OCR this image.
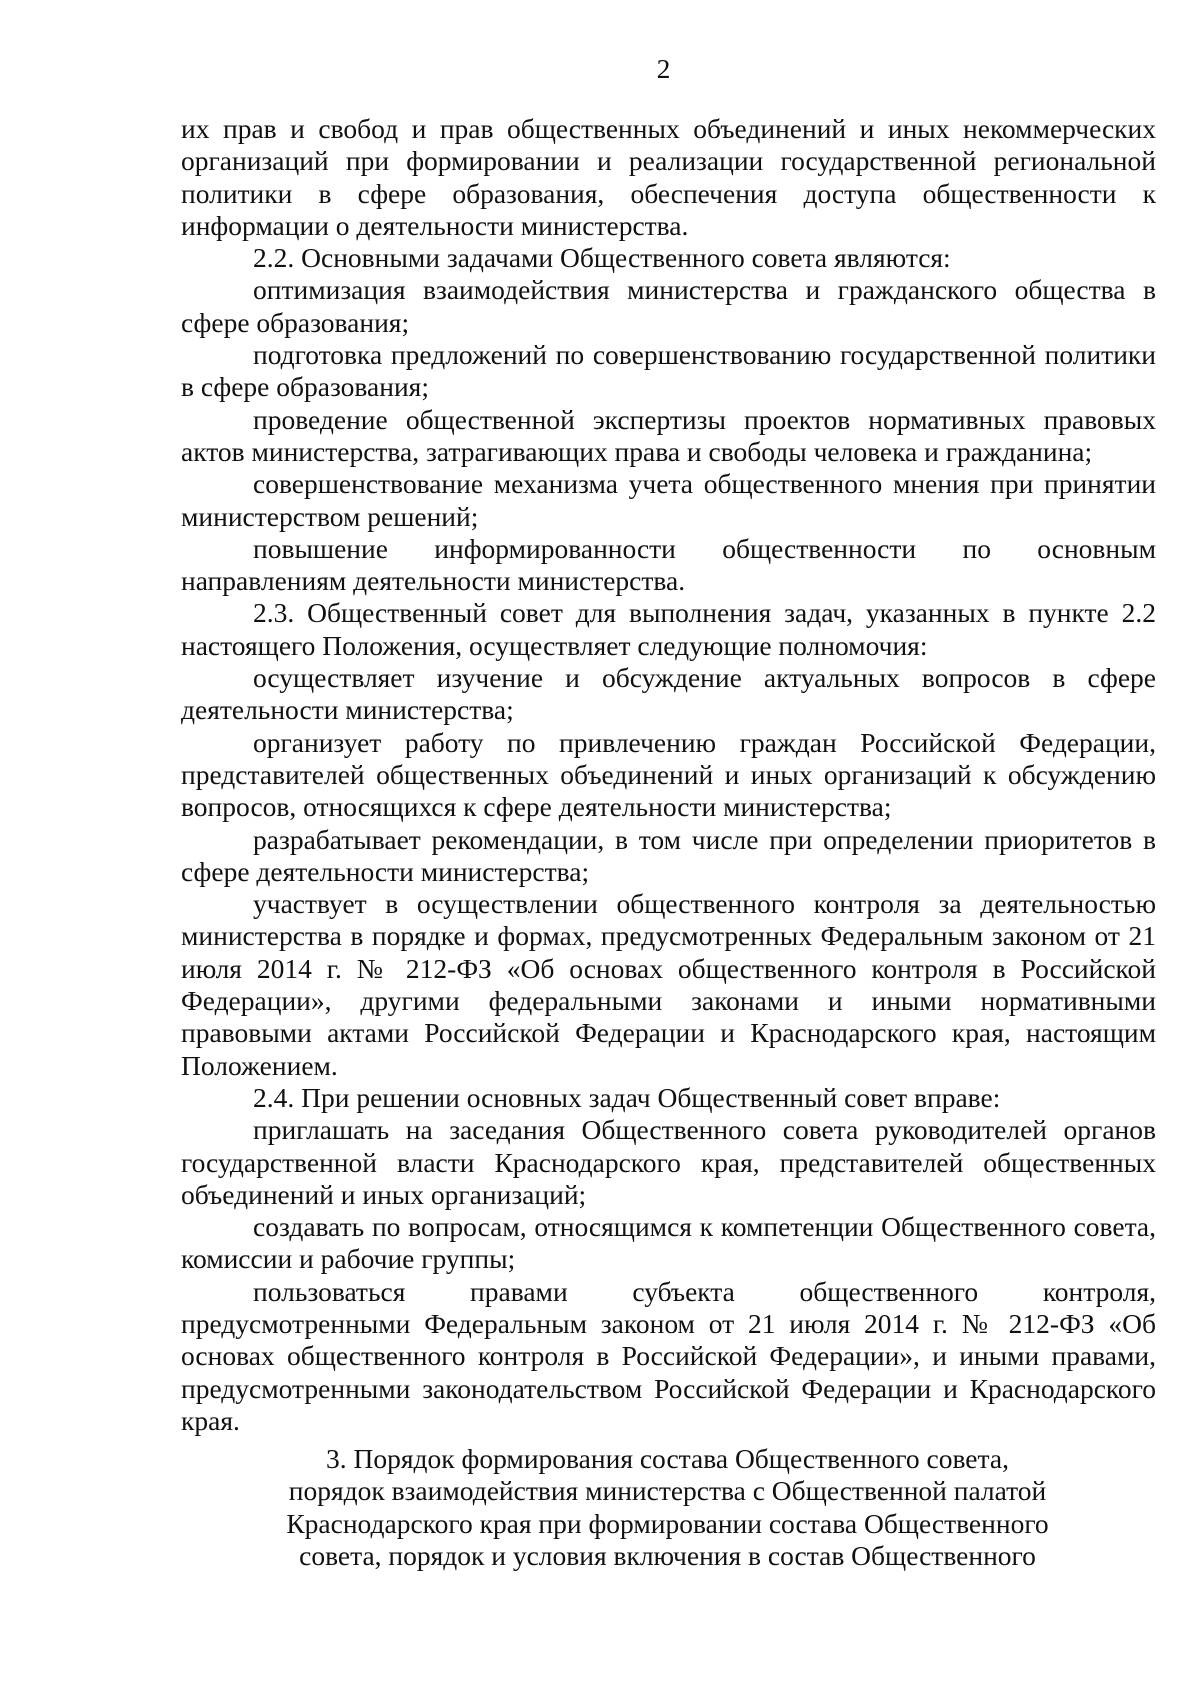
2

их прав и свобод и прав общественных объединений и иных некоммерческих организаций при формировании и реализации государственной региональной политики в сфере образования, обеспечения доступа общественности к информации о деятельности министерства.

2.2. Основными задачами Общественного совета являются:

оптимизация взаимодействия министерства и гражданского общества в сфере образования;

подготовка предложений по совершенствованию государственной политики в сфере образования;

проведение общественной экспертизы проектов нормативных правовых актов министерства, затрагивающих права и свободы человека и гражданина;

совершенствование механизма учета общественного мнения при принятии министерством решений;

повышение информированности общественности по основным направлениям деятельности министерства.

2.3. Общественный совет для выполнения задач, указанных в пункте 2.2 настоящего Положения, осуществляет следующие полномочия:

осуществляет изучение и обсуждение актуальных вопросов в сфере деятельности министерства;

организует работу по привлечению граждан Российской Федерации, представителей общественных объединений и иных организаций к обсуждению вопросов, относящихся к сфере деятельности министерства;

разрабатывает рекомендации, в том числе при определении приоритетов в сфере деятельности министерства;

участвует в осуществлении общественного контроля за деятельностью министерства в порядке и формах, предусмотренных Федеральным законом от 21 июля 2014 г. № 212-ФЗ «Об основах общественного контроля в Российской Федерации», другими федеральными законами и иными нормативными правовыми актами Российской Федерации и Краснодарского края, настоящим Положением.

2.4. При решении основных задач Общественный совет вправе:

приглашать на заседания Общественного совета руководителей органов государственной власти Краснодарского края, представителей общественных объединений и иных организаций;

создавать по вопросам, относящимся к компетенции Общественного совета, комиссии и рабочие группы;

пользоваться правами субъекта общественного контроля, предусмотренными Федеральным законом от 21 июля 2014 г. № 212-ФЗ «Об основах общественного контроля в Российской Федерации», и иными правами, предусмотренными законодательством Российской Федерации и Краснодарского края.

3. Порядок формирования состава Общественного совета,
порядок взаимодействия министерства с Общественной палатой
Краснодарского края при формировании состава Общественного
совета, порядок и условия включения в состав Общественного
